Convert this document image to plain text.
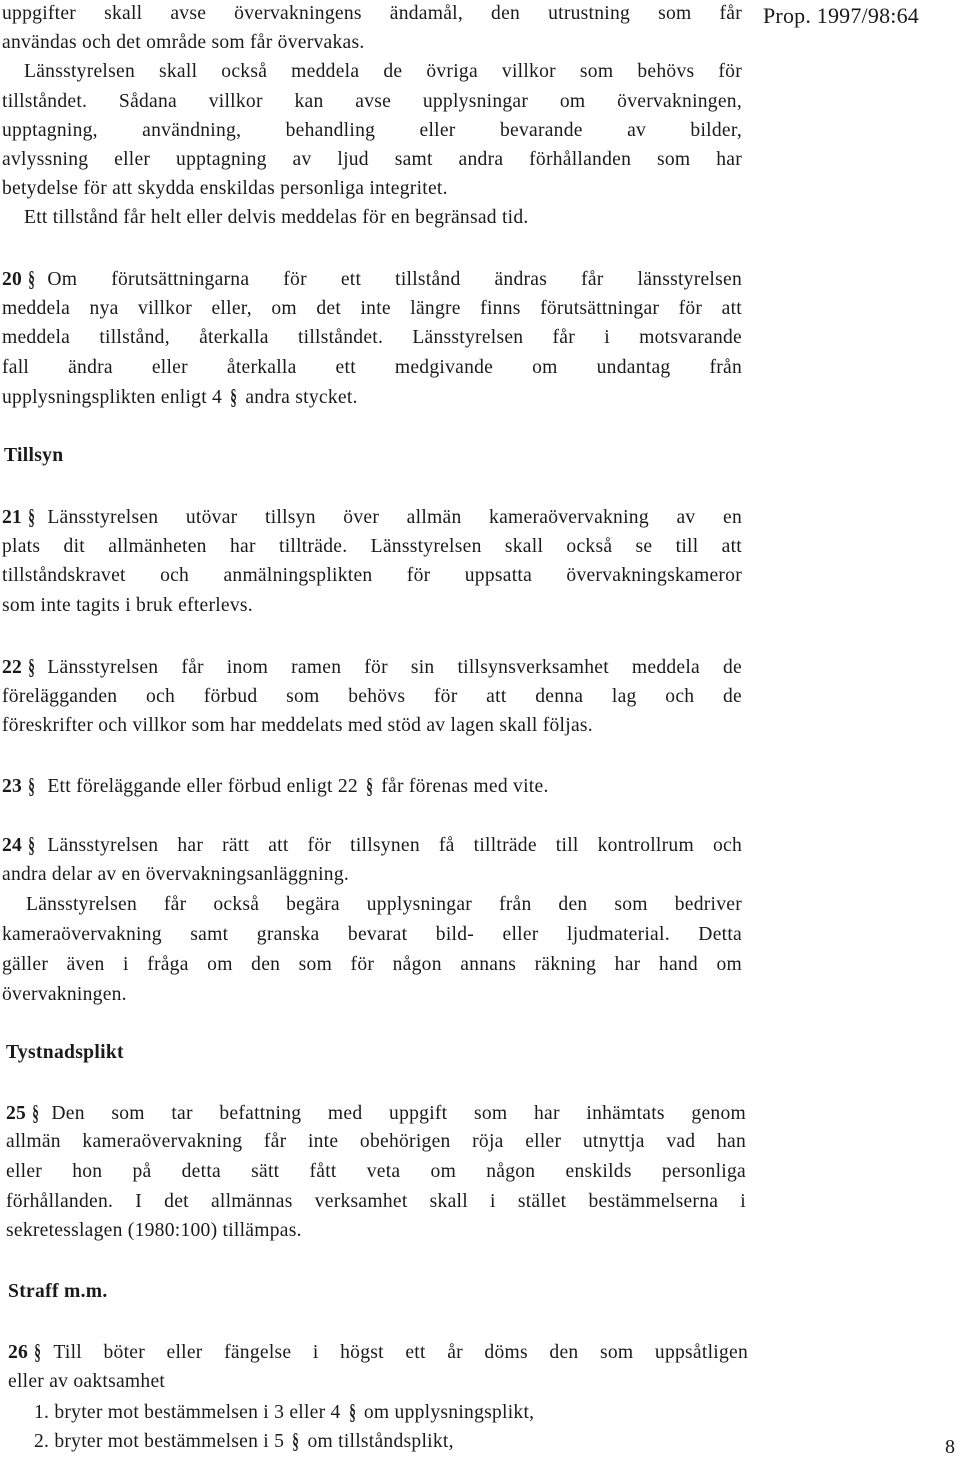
Prop. 1997/98:64
8
uppgifter skall avse övervakningens ändamål, den utrustning som får
användas och det område som får övervakas.
Länsstyrelsen skall också meddela de övriga villkor som behövs för
tillståndet. Sådana villkor kan avse upplysningar om övervakningen,
upptagning, användning, behandling eller bevarande av bilder,
avlyssning eller upptagning av ljud samt andra förhållanden som har
betydelse för att skydda enskildas personliga integritet.
Ett tillstånd får helt eller delvis meddelas för en begränsad tid.
20 § Om förutsättningarna för ett tillstånd ändras får länsstyrelsen
meddela nya villkor eller, om det inte längre finns förutsättningar för att
meddela tillstånd, återkalla tillståndet. Länsstyrelsen får i motsvarande
fall ändra eller återkalla ett medgivande om undantag från
upplysningsplikten enligt 4 § andra stycket.
Tillsyn
21 § Länsstyrelsen utövar tillsyn över allmän kameraövervakning av en
plats dit allmänheten har tillträde. Länsstyrelsen skall också se till att
tillståndskravet och anmälningsplikten för uppsatta övervakningskameror
som inte tagits i bruk efterlevs.
22 § Länsstyrelsen får inom ramen för sin tillsynsverksamhet meddela de
förelägganden och förbud som behövs för att denna lag och de
föreskrifter och villkor som har meddelats med stöd av lagen skall följas.
23 § Ett föreläggande eller förbud enligt 22 § får förenas med vite.
24 § Länsstyrelsen har rätt att för tillsynen få tillträde till kontrollrum och
andra delar av en övervakningsanläggning.
Länsstyrelsen får också begära upplysningar från den som bedriver
kameraövervakning samt granska bevarat bild- eller ljudmaterial. Detta
gäller även i fråga om den som för någon annans räkning har hand om
övervakningen.
Tystnadsplikt
25 § Den som tar befattning med uppgift som har inhämtats genom
allmän kameraövervakning får inte obehörigen röja eller utnyttja vad han
eller hon på detta sätt fått veta om någon enskilds personliga
förhållanden. I det allmännas verksamhet skall i stället bestämmelserna i
sekretesslagen (1980:100) tillämpas.
Straff m.m.
26 § Till böter eller fängelse i högst ett år döms den som uppsåtligen
eller av oaktsamhet
1. bryter mot bestämmelsen i 3 eller 4 § om upplysningsplikt,
2. bryter mot bestämmelsen i 5 § om tillståndsplikt,
